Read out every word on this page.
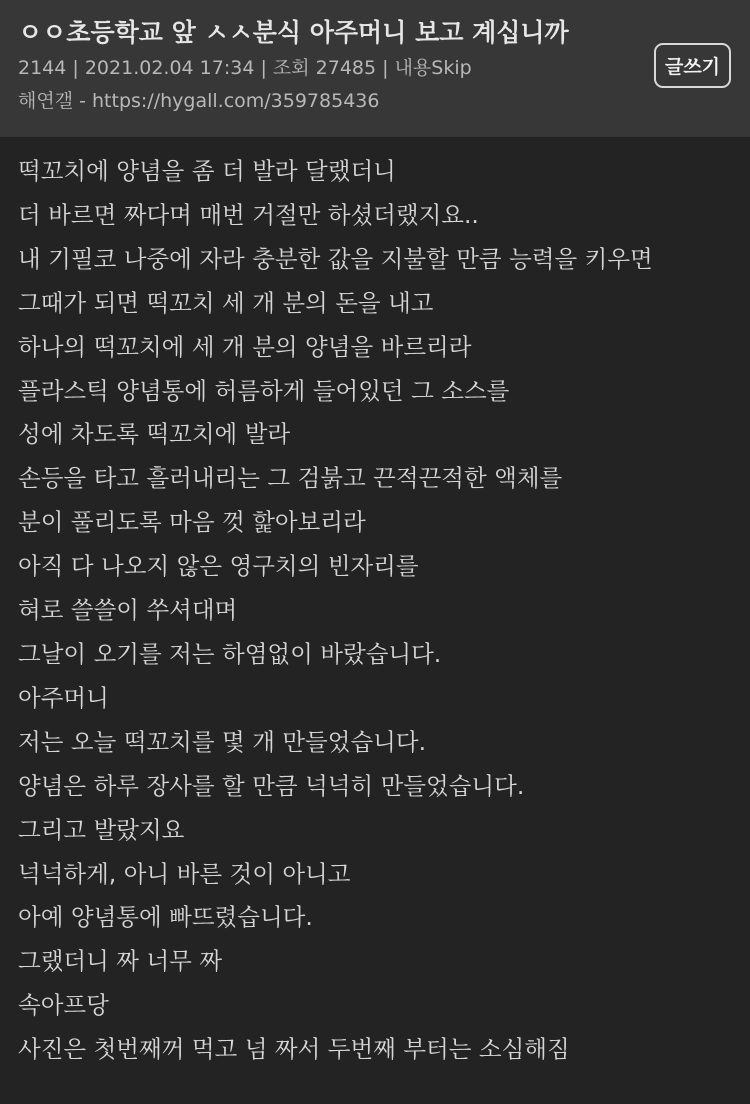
ㅇㅇ초등학교 앞 ㅅㅅ분식 아주머니 보고 계십니까
2144 | 2021.02.04 17:34 | 조회 27485 | 내용Skip
해연갤 - https://hygall.com/359785436
글쓰기
떡꼬치에 양념을 좀 더 발라 달랬더니
더 바르면 짜다며 매번 거절만 하셨더랬지요..
내 기필코 나중에 자라 충분한 값을 지불할 만큼 능력을 키우면
그때가 되면 떡꼬치 세 개 분의 돈을 내고
하나의 떡꼬치에 세 개 분의 양념을 바르리라
플라스틱 양념통에 허름하게 들어있던 그 소스를
성에 차도록 떡꼬치에 발라
손등을 타고 흘러내리는 그 검붉고 끈적끈적한 액체를
분이 풀리도록 마음 껏 핥아보리라
아직 다 나오지 않은 영구치의 빈자리를
혀로 쓸쓸이 쑤셔대며
그날이 오기를 저는 하염없이 바랐습니다.
아주머니
저는 오늘 떡꼬치를 몇 개 만들었습니다.
양념은 하루 장사를 할 만큼 넉넉히 만들었습니다.
그리고 발랐지요
넉넉하게, 아니 바른 것이 아니고
아예 양념통에 빠뜨렸습니다.
그랬더니 짜 너무 짜
속아프당
사진은 첫번째꺼 먹고 넘 짜서 두번째 부터는 소심해짐
